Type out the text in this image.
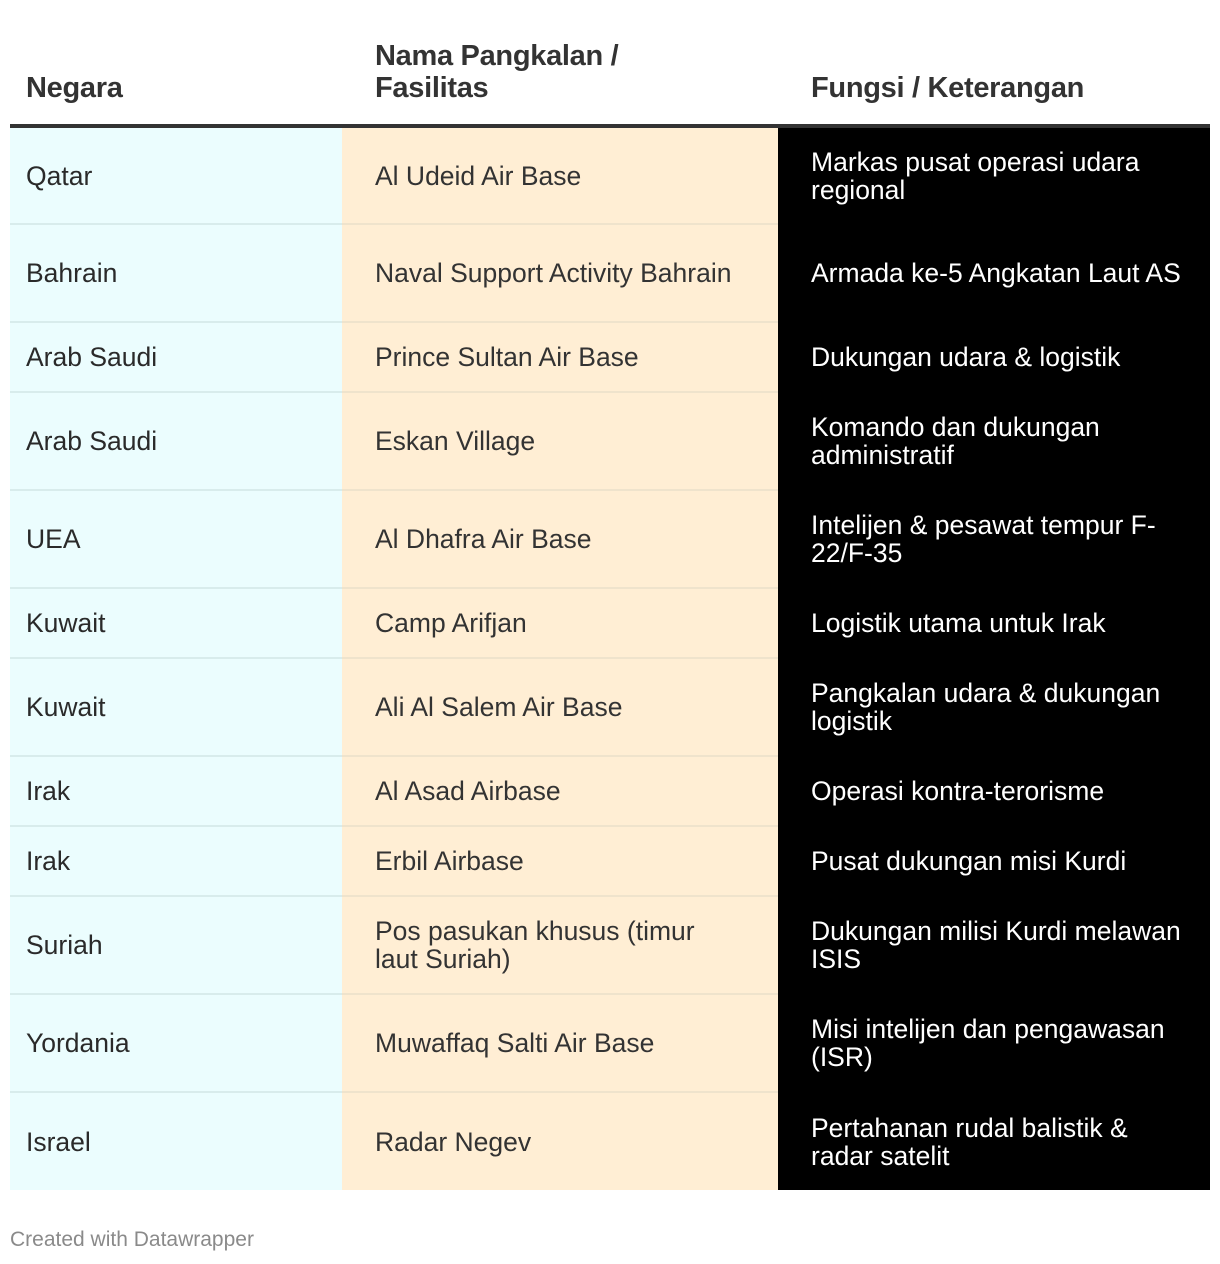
Negara	Nama Pangkalan / Fasilitas	Fungsi / Keterangan
Qatar	Al Udeid Air Base	Markas pusat operasi udara regional
Bahrain	Naval Support Activity Bahrain	Armada ke-5 Angkatan Laut AS
Arab Saudi	Prince Sultan Air Base	Dukungan udara & logistik
Arab Saudi	Eskan Village	Komando dan dukungan administratif
UEA	Al Dhafra Air Base	Intelijen & pesawat tempur F-22/F-35
Kuwait	Camp Arifjan	Logistik utama untuk Irak
Kuwait	Ali Al Salem Air Base	Pangkalan udara & dukungan logistik
Irak	Al Asad Airbase	Operasi kontra-terorisme
Irak	Erbil Airbase	Pusat dukungan misi Kurdi
Suriah	Pos pasukan khusus (timur laut Suriah)	Dukungan milisi Kurdi melawan ISIS
Yordania	Muwaffaq Salti Air Base	Misi intelijen dan pengawasan (ISR)
Israel	Radar Negev	Pertahanan rudal balistik & radar satelit
Created with Datawrapper
